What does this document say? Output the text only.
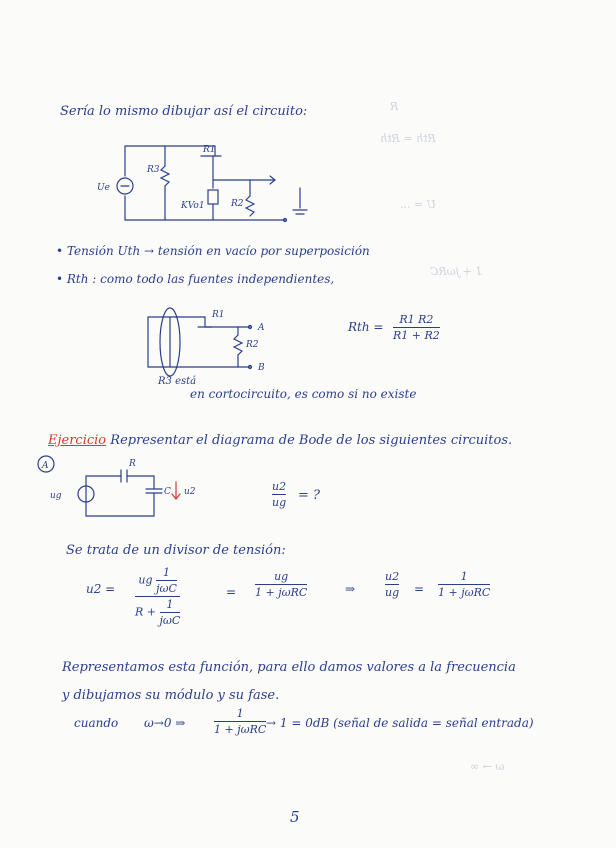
R
Rth = Rth
U = ...
1 + jωRC
ω → ∞
Sería lo mismo dibujar así el circuito:
Ue
R3
R1
KVo1	R2
• Tensión Uth → tensión en vacío por superposición
• Rth : como todo las fuentes independientes,
R1
R2
A
B
Rth =
R1 R2
R1 + R2
R3 está
en cortocircuito, es como si no existe
Ejercicio Representar el diagrama de Bode de los siguientes circuitos.
A	R
ug	C u2	u2
ug = ?
Se trata de un divisor de tensión:
u2 =
ug $\frac{1}{\text{jωC}}$
$R + \frac{1}{\text{jωC}}$
=
ug
1 + jωRC	⇒
u2
ug =
1
1 + jωRC
Representamos esta función, para ello damos valores a la frecuencia
y dibujamos su módulo y su fase.
cuando ω→0 ⇒
1
1 + jωRC → 1 = 0dB (señal de salida = señal entrada)
5
